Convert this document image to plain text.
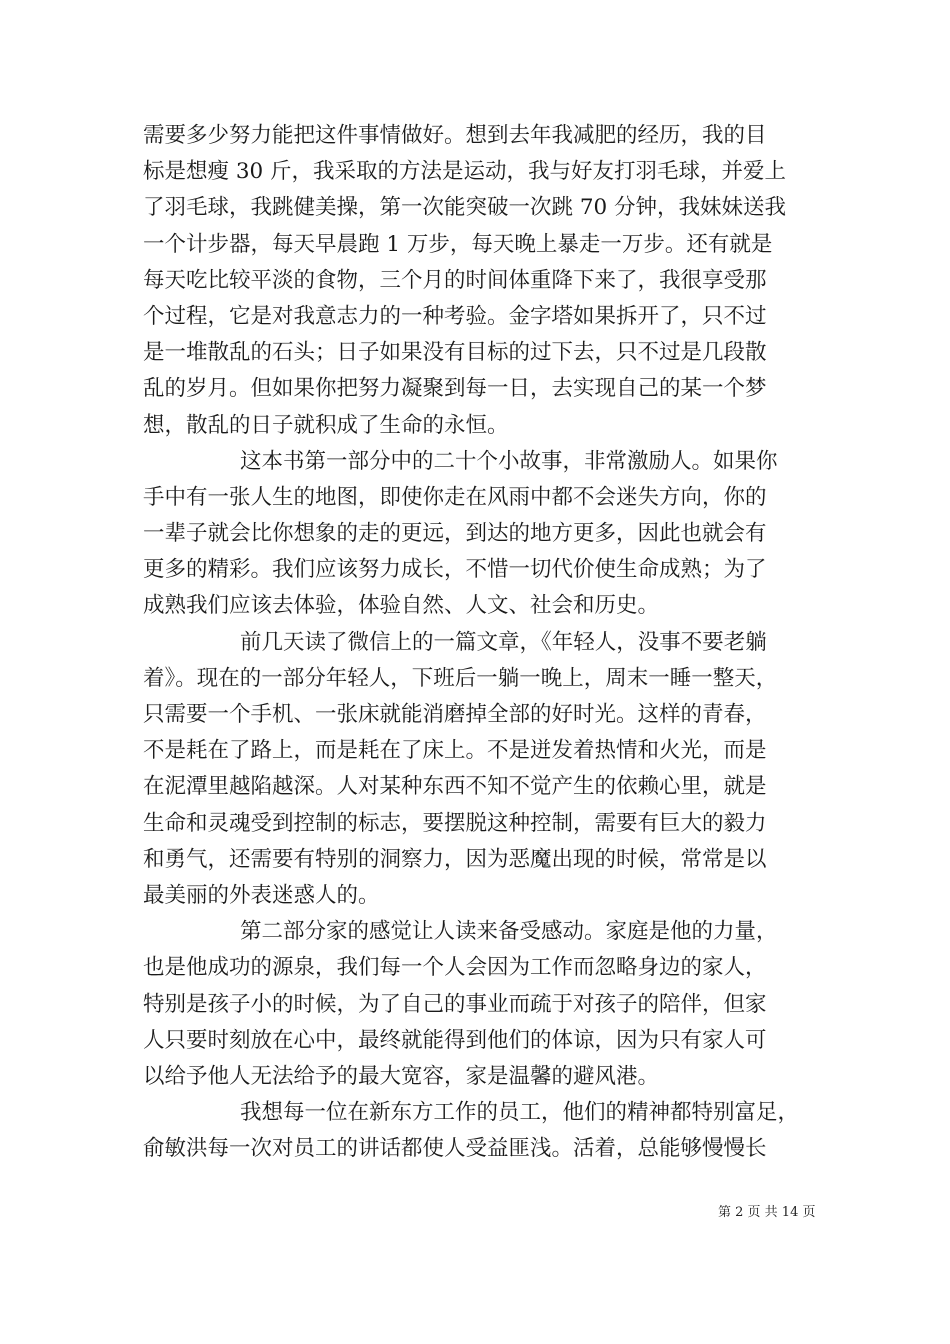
需要多少努力能把这件事情做好。想到去年我减肥的经历，我的目
标是想瘦 30 斤，我采取的方法是运动，我与好友打羽毛球，并爱上
了羽毛球，我跳健美操，第一次能突破一次跳 70 分钟，我妹妹送我
一个计步器，每天早晨跑 1 万步，每天晚上暴走一万步。还有就是
每天吃比较平淡的食物，三个月的时间体重降下来了，我很享受那
个过程，它是对我意志力的一种考验。金字塔如果拆开了，只不过
是一堆散乱的石头；日子如果没有目标的过下去，只不过是几段散
乱的岁月。但如果你把努力凝聚到每一日，去实现自己的某一个梦
想，散乱的日子就积成了生命的永恒。
这本书第一部分中的二十个小故事，非常激励人。如果你
手中有一张人生的地图，即使你走在风雨中都不会迷失方向，你的
一辈子就会比你想象的走的更远，到达的地方更多，因此也就会有
更多的精彩。我们应该努力成长，不惜一切代价使生命成熟；为了
成熟我们应该去体验，体验自然、人文、社会和历史。
前几天读了微信上的一篇文章，《年轻人，没事不要老躺
着》。现在的一部分年轻人，下班后一躺一晚上，周末一睡一整天，
只需要一个手机、一张床就能消磨掉全部的好时光。这样的青春，
不是耗在了路上，而是耗在了床上。不是迸发着热情和火光，而是
在泥潭里越陷越深。人对某种东西不知不觉产生的依赖心里，就是
生命和灵魂受到控制的标志，要摆脱这种控制，需要有巨大的毅力
和勇气，还需要有特别的洞察力，因为恶魔出现的时候，常常是以
最美丽的外表迷惑人的。
第二部分家的感觉让人读来备受感动。家庭是他的力量，
也是他成功的源泉，我们每一个人会因为工作而忽略身边的家人，
特别是孩子小的时候，为了自己的事业而疏于对孩子的陪伴，但家
人只要时刻放在心中，最终就能得到他们的体谅，因为只有家人可
以给予他人无法给予的最大宽容，家是温馨的避风港。
我想每一位在新东方工作的员工，他们的精神都特别富足，
俞敏洪每一次对员工的讲话都使人受益匪浅。活着，总能够慢慢长
第 2 页 共 14 页
